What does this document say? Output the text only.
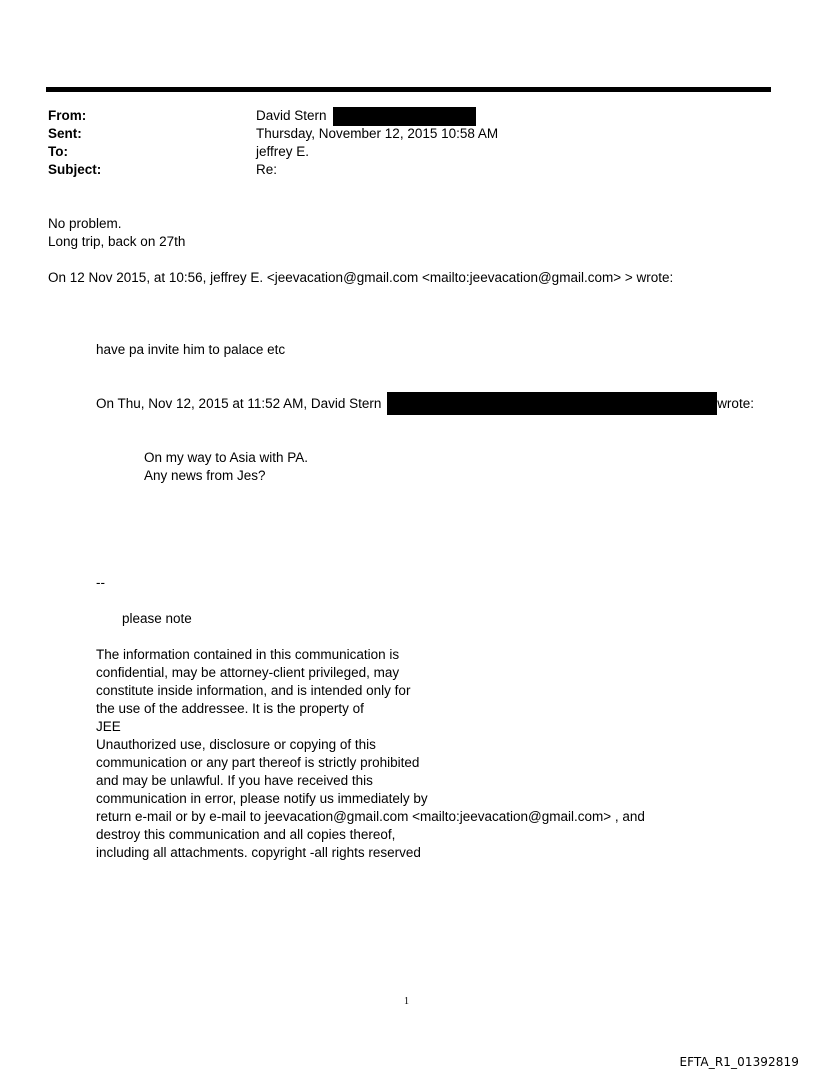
From:	David Stern
Sent:	Thursday, November 12, 2015 10:58 AM
To:	jeffrey E.
Subject:	Re:
No problem.
Long trip, back on 27th
On 12 Nov 2015, at 10:56, jeffrey E. <jeevacation@gmail.com <mailto:jeevacation@gmail.com> > wrote:
have pa invite him to palace etc
On Thu, Nov 12, 2015 at 11:52 AM, David Stern	wrote:
On my way to Asia with PA.
Any news from Jes?
--
please note
The information contained in this communication is
confidential, may be attorney-client privileged, may
constitute inside information, and is intended only for
the use of the addressee. It is the property of
JEE
Unauthorized use, disclosure or copying of this
communication or any part thereof is strictly prohibited
and may be unlawful. If you have received this
communication in error, please notify us immediately by
return e-mail or by e-mail to jeevacation@gmail.com <mailto:jeevacation@gmail.com> , and
destroy this communication and all copies thereof,
including all attachments. copyright -all rights reserved
1
EFTA_R1_01392819
